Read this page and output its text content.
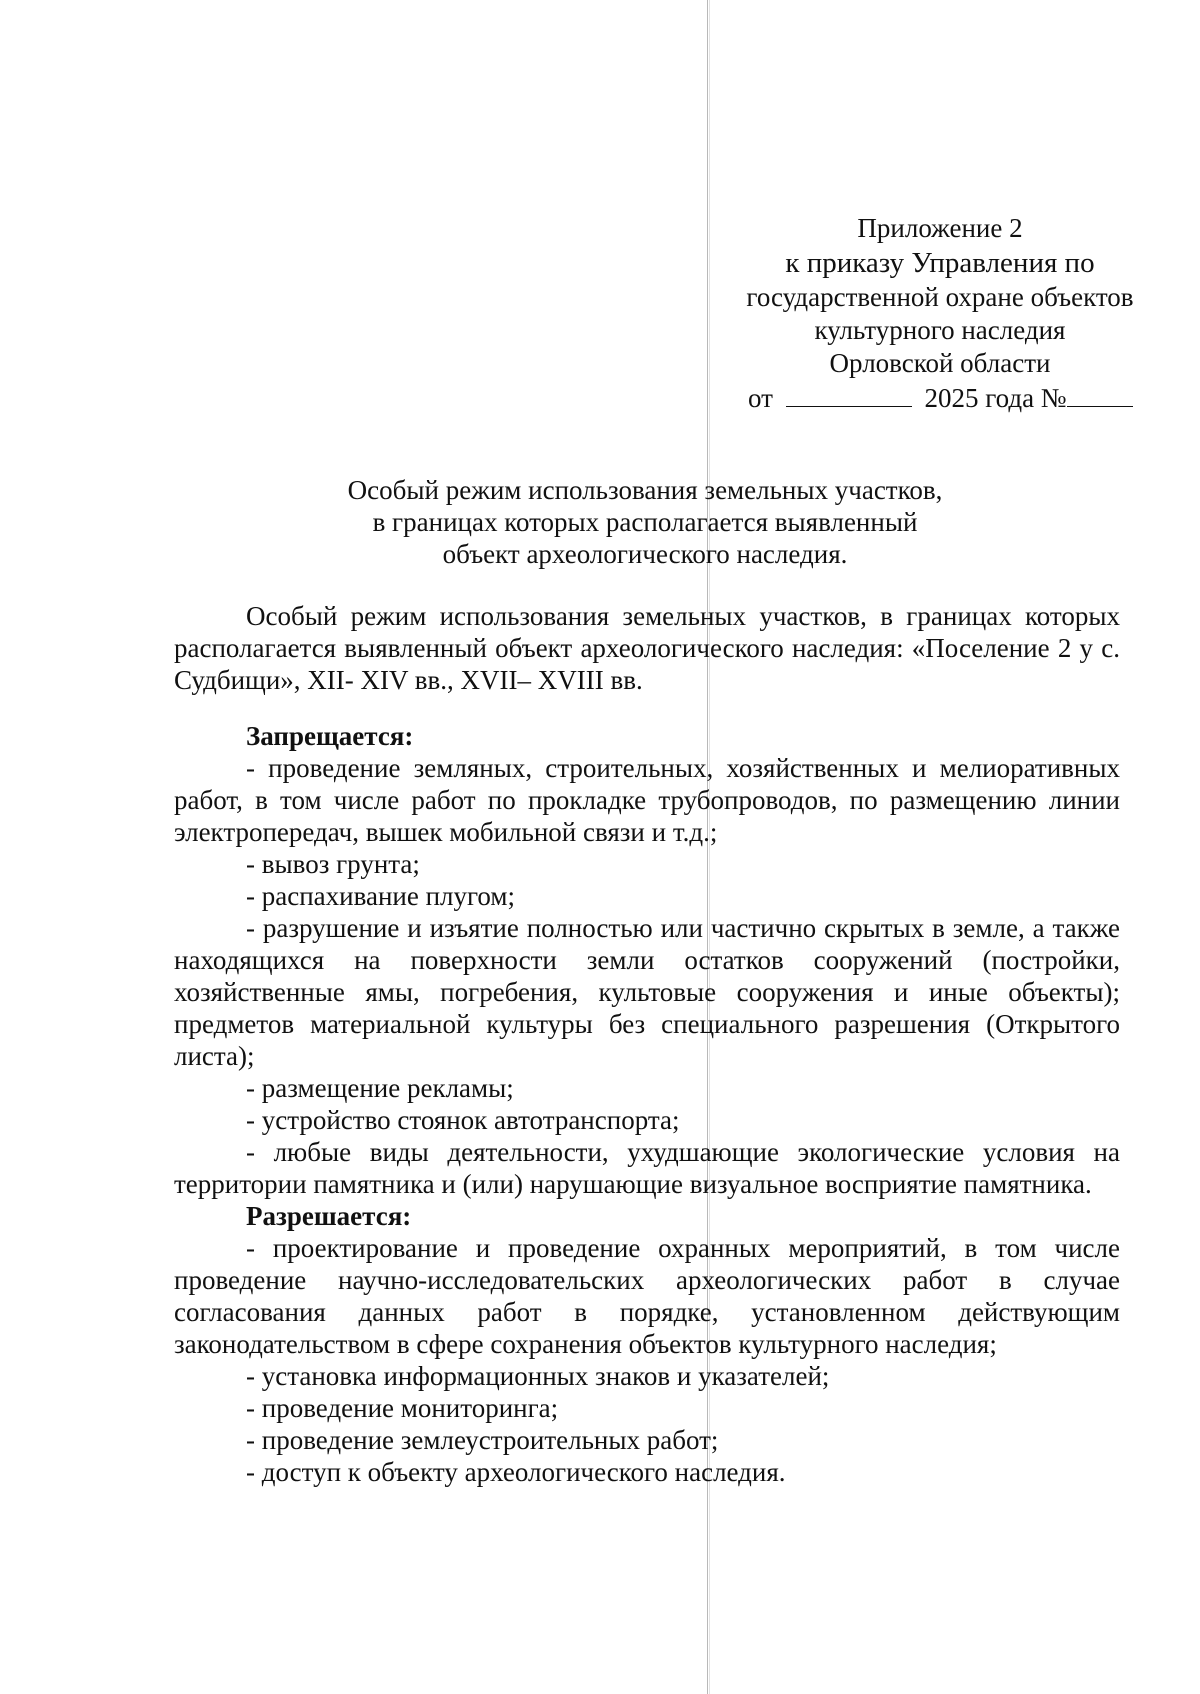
Приложение 2
к приказу Управления по
государственной охране объектов
культурного наследия
Орловской области
от	2025 года №
Особый режим использования земельных участков,
в границах которых располагается выявленный
объект археологического наследия.

Особый режим использования земельных участков, в границах которых располагается выявленный объект археологического наследия: «Поселение 2 у с. Судбищи», XII- XIV вв., XVII– XVIII вв.

Запрещается:

- проведение земляных, строительных, хозяйственных и мелиоративных работ, в том числе работ по прокладке трубопроводов, по размещению линии электропередач, вышек мобильной связи и т.д.;

- вывоз грунта;

- распахивание плугом;

- разрушение и изъятие полностью или частично скрытых в земле, а также находящихся на поверхности земли остатков сооружений (постройки, хозяйственные ямы, погребения, культовые сооружения и иные объекты); предметов материальной культуры без специального разрешения (Открытого листа);

- размещение рекламы;

- устройство стоянок автотранспорта;

- любые виды деятельности, ухудшающие экологические условия на территории памятника и (или) нарушающие визуальное восприятие памятника.

Разрешается:

- проектирование и проведение охранных мероприятий, в том числе проведение научно-исследовательских археологических работ в случае согласования данных работ в порядке, установленном действующим законодательством в сфере сохранения объектов культурного наследия;

- установка информационных знаков и указателей;

- проведение мониторинга;

- проведение землеустроительных работ;

- доступ к объекту археологического наследия.
